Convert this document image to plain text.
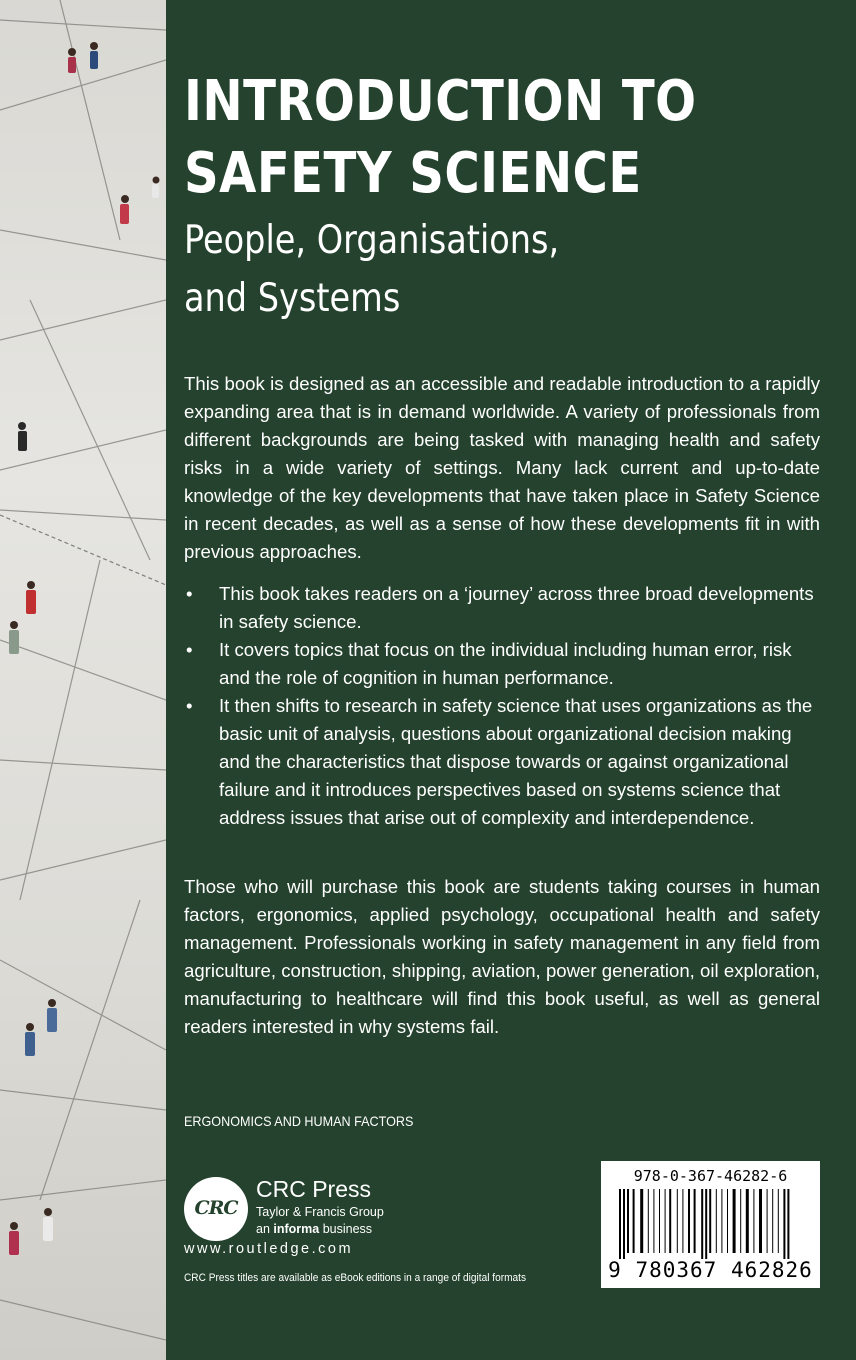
INTRODUCTION TO
SAFETY SCIENCE
People, Organisations,
and Systems

This book is designed as an accessible and readable introduction to a rapidly expanding area that is in demand worldwide. A variety of professionals from different backgrounds are being tasked with managing health and safety risks in a wide variety of settings. Many lack current and up-to-date knowledge of the key developments that have taken place in Safety Science in recent decades, as well as a sense of how these developments fit in with previous approaches.

• This book takes readers on a ‘journey’ across three broad developments in safety science.
• It covers topics that focus on the individual including human error, risk and the role of cognition in human performance.
• It then shifts to research in safety science that uses organizations as the basic unit of analysis, questions about organizational decision making and the characteristics that dispose towards or against organizational failure and it introduces perspectives based on systems science that address issues that arise out of complexity and interdependence.

Those who will purchase this book are students taking courses in human factors, ergonomics, applied psychology, occupational health and safety management. Professionals working in safety management in any field from agriculture, construction, shipping, aviation, power generation, oil exploration, manufacturing to healthcare will find this book useful, as well as general readers interested in why systems fail.

ERGONOMICS AND HUMAN FACTORS
CRC
CRC Press
Taylor & Francis Group
an informa business
www.routledge.com
CRC Press titles are available as eBook editions in a range of digital formats
978-0-367-46282-6
9 780367 462826
